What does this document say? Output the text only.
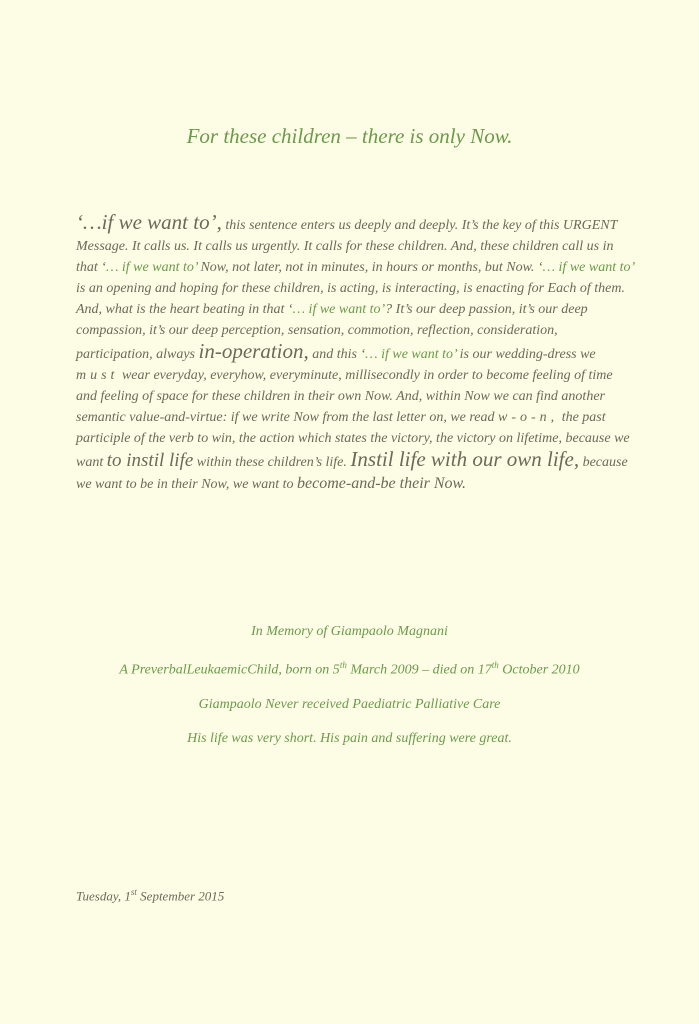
For these children – there is only Now.
‘…if we want to’, this sentence enters us deeply and deeply. It’s the key of this URGENT Message. It calls us. It calls us urgently. It calls for these children. And, these children call us in that ‘… if we want to’ Now, not later, not in minutes, in hours or months, but Now. ‘… if we want to’ is an opening and hoping for these children, is acting, is interacting, is enacting for Each of them. And, what is the heart beating in that ‘… if we want to’? It’s our deep passion, it’s our deep compassion, it’s our deep perception, sensation, commotion, reflection, consideration, participation, always in-operation, and this ‘… if we want to’ is our wedding-dress we must wear everyday, everyhow, everyminute, millisecondly in order to become feeling of time and feeling of space for these children in their own Now. And, within Now we can find another semantic value-and-virtue: if we write Now from the last letter on, we read w-o-n, the past participle of the verb to win, the action which states the victory, the victory on lifetime, because we want to instil life within these children’s life. Instil life with our own life, because we want to be in their Now, we want to become-and-be their Now.

In Memory of Giampaolo Magnani

A PreverbalLeukaemicChild, born on 5th March 2009 – died on 17th October 2010

Giampaolo Never received Paediatric Palliative Care

His life was very short. His pain and suffering were great.

Tuesday, 1st September 2015
